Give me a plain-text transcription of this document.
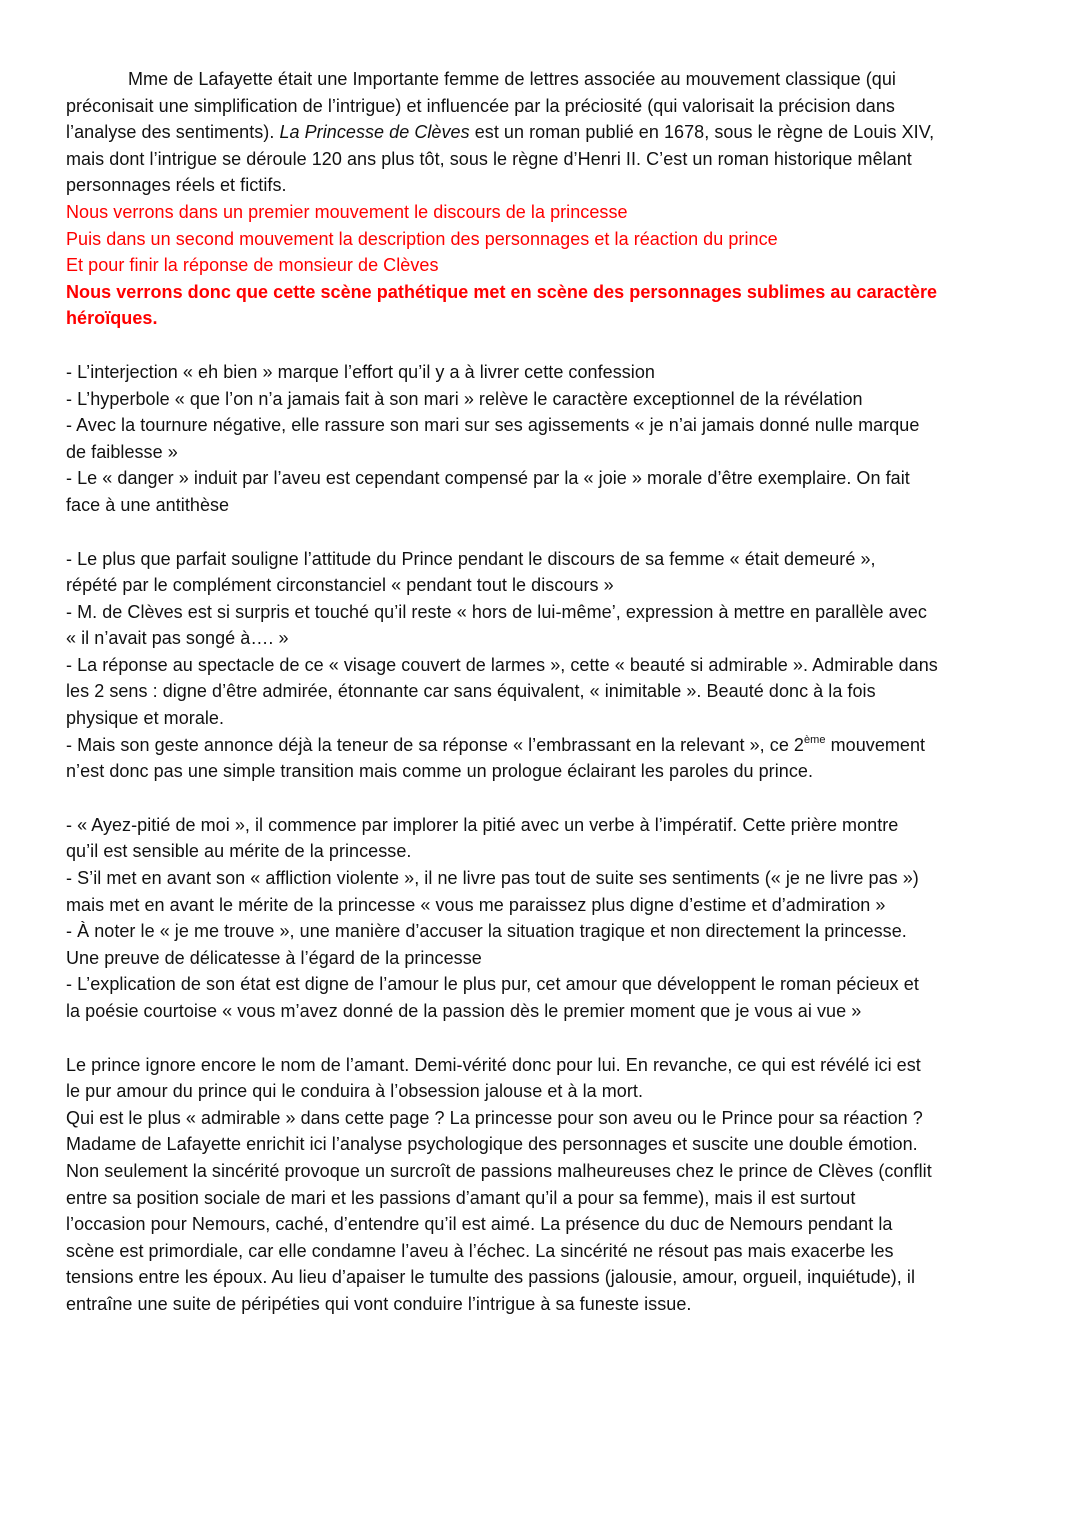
Mme de Lafayette était une Importante femme de lettres associée au mouvement classique (qui
préconisait une simplification de l’intrigue) et influencée par la préciosité (qui valorisait la précision dans
l’analyse des sentiments). La Princesse de Clèves est un roman publié en 1678, sous le règne de Louis XIV,
mais dont l’intrigue se déroule 120 ans plus tôt, sous le règne d’Henri II. C’est un roman historique mêlant
personnages réels et fictifs.
Nous verrons dans un premier mouvement le discours de la princesse
Puis dans un second mouvement la description des personnages et la réaction du prince
Et pour finir la réponse de monsieur de Clèves
Nous verrons donc que cette scène pathétique met en scène des personnages sublimes au caractère
héroïques.
- L’interjection « eh bien » marque l’effort qu’il y a à livrer cette confession
- L’hyperbole « que l’on n’a jamais fait à son mari » relève le caractère exceptionnel de la révélation
- Avec la tournure négative, elle rassure son mari sur ses agissements « je n’ai jamais donné nulle marque
de faiblesse »
- Le « danger » induit par l’aveu est cependant compensé par la « joie » morale d’être exemplaire. On fait
face à une antithèse
- Le plus que parfait souligne l’attitude du Prince pendant le discours de sa femme « était demeuré »,
répété par le complément circonstanciel « pendant tout le discours »
- M. de Clèves est si surpris et touché qu’il reste « hors de lui-même’, expression à mettre en parallèle avec
« il n’avait pas songé à…. »
- La réponse au spectacle de ce « visage couvert de larmes », cette « beauté si admirable ». Admirable dans
les 2 sens : digne d’être admirée, étonnante car sans équivalent, « inimitable ». Beauté donc à la fois
physique et morale.
- Mais son geste annonce déjà la teneur de sa réponse « l’embrassant en la relevant », ce 2ème mouvement
n’est donc pas une simple transition mais comme un prologue éclairant les paroles du prince.
- « Ayez-pitié de moi », il commence par implorer la pitié avec un verbe à l’impératif. Cette prière montre
qu’il est sensible au mérite de la princesse.
- S’il met en avant son « affliction violente », il ne livre pas tout de suite ses sentiments (« je ne livre pas »)
mais met en avant le mérite de la princesse « vous me paraissez plus digne d’estime et d’admiration »
- À noter le « je me trouve », une manière d’accuser la situation tragique et non directement la princesse.
Une preuve de délicatesse à l’égard de la princesse
- L’explication de son état est digne de l’amour le plus pur, cet amour que développent le roman pécieux et
la poésie courtoise « vous m’avez donné de la passion dès le premier moment que je vous ai vue »
Le prince ignore encore le nom de l’amant. Demi-vérité donc pour lui. En revanche, ce qui est révélé ici est
le pur amour du prince qui le conduira à l’obsession jalouse et à la mort.
Qui est le plus « admirable » dans cette page ? La princesse pour son aveu ou le Prince pour sa réaction ?
Madame de Lafayette enrichit ici l’analyse psychologique des personnages et suscite une double émotion.
Non seulement la sincérité provoque un surcroît de passions malheureuses chez le prince de Clèves (conflit
entre sa position sociale de mari et les passions d’amant qu’il a pour sa femme), mais il est surtout
l’occasion pour Nemours, caché, d’entendre qu’il est aimé. La présence du duc de Nemours pendant la
scène est primordiale, car elle condamne l’aveu à l’échec. La sincérité ne résout pas mais exacerbe les
tensions entre les époux. Au lieu d’apaiser le tumulte des passions (jalousie, amour, orgueil, inquiétude), il
entraîne une suite de péripéties qui vont conduire l’intrigue à sa funeste issue.
